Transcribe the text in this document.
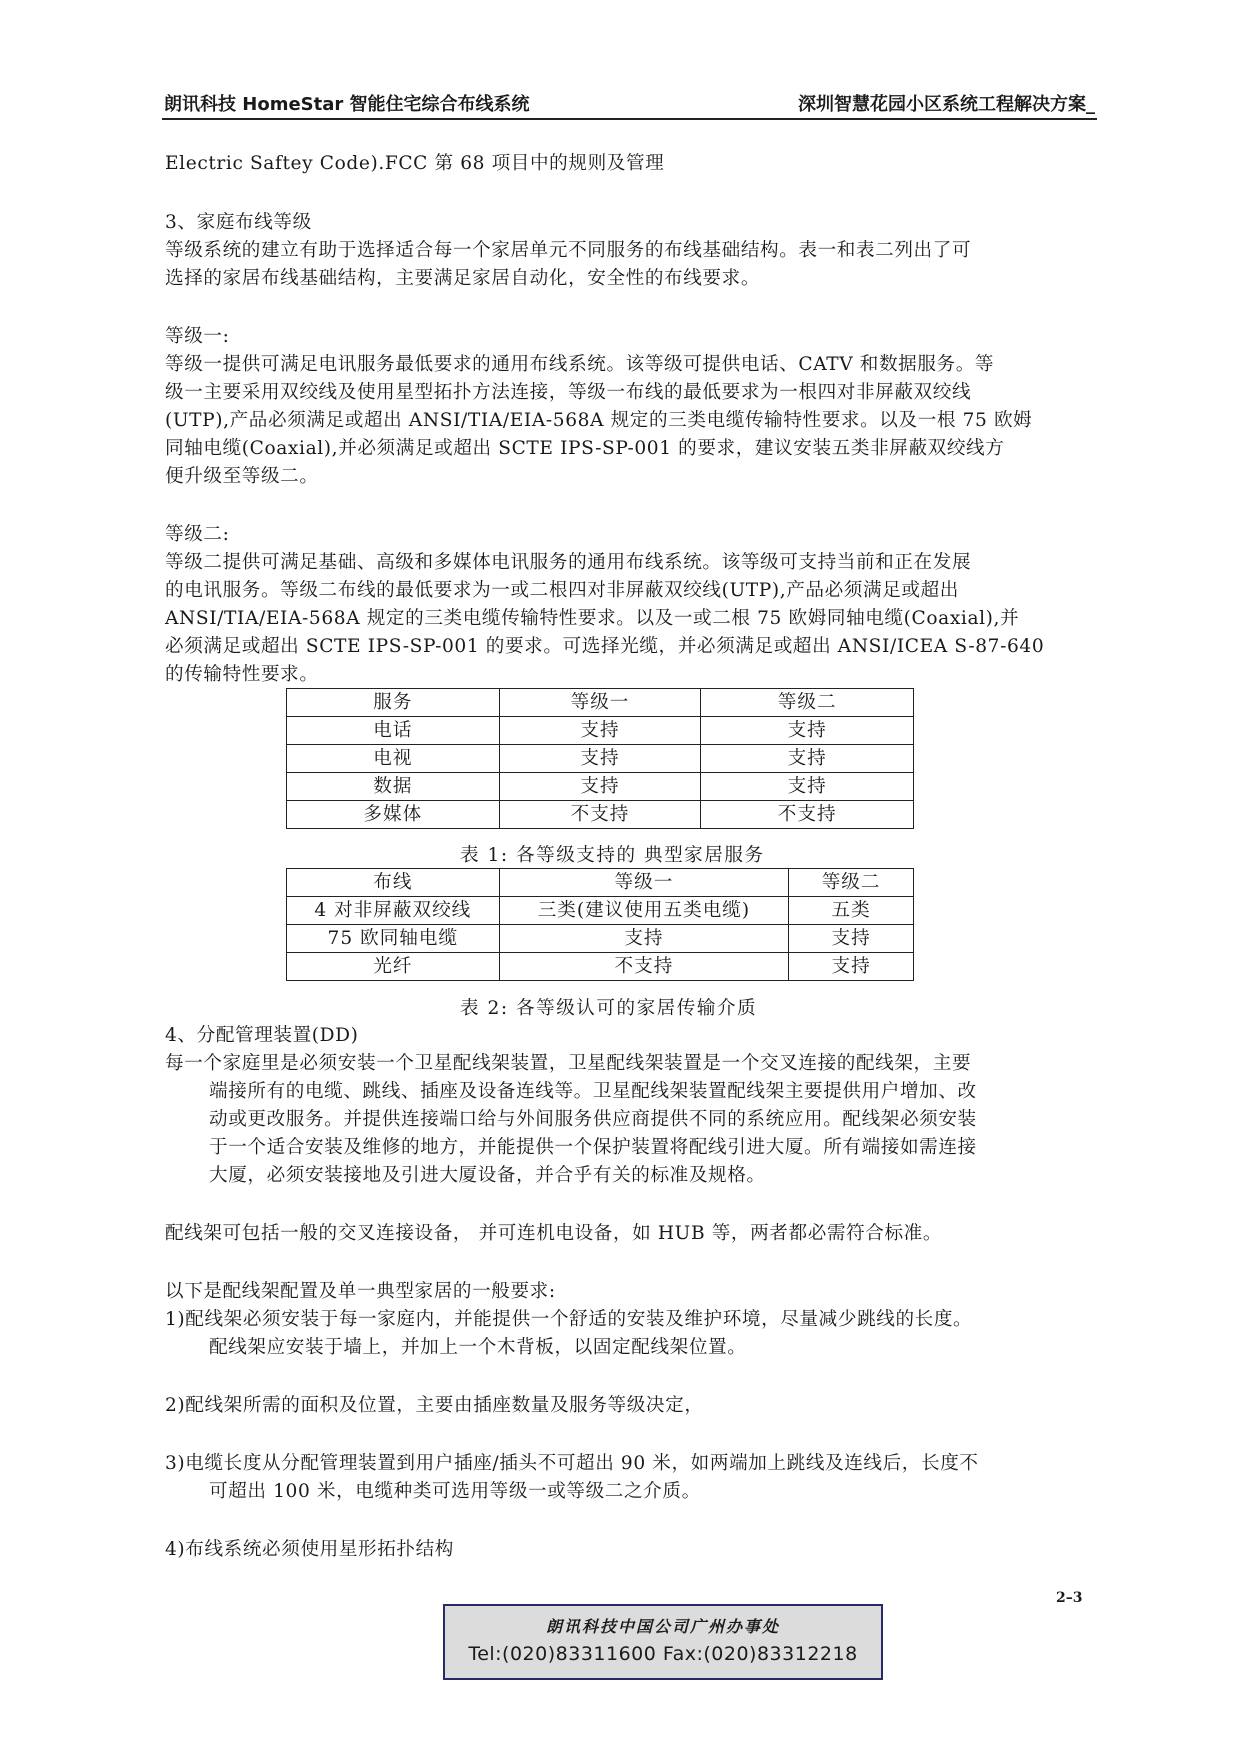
朗讯科技 HomeStar 智能住宅综合布线系统	深圳智慧花园小区系统工程解决方案_
Electric Saftey Code).FCC 第 68 项目中的规则及管理
3、家庭布线等级
等级系统的建立有助于选择适合每一个家居单元不同服务的布线基础结构。表一和表二列出了可
选择的家居布线基础结构，主要满足家居自动化，安全性的布线要求。
等级一:
等级一提供可满足电讯服务最低要求的通用布线系统。该等级可提供电话、CATV 和数据服务。等
级一主要采用双绞线及使用星型拓扑方法连接，等级一布线的最低要求为一根四对非屏蔽双绞线
(UTP),产品必须满足或超出 ANSI/TIA/EIA-568A 规定的三类电缆传输特性要求。以及一根 75 欧姆
同轴电缆(Coaxial),并必须满足或超出 SCTE IPS-SP-001 的要求，建议安装五类非屏蔽双绞线方
便升级至等级二。
等级二:
等级二提供可满足基础、高级和多媒体电讯服务的通用布线系统。该等级可支持当前和正在发展
的电讯服务。等级二布线的最低要求为一或二根四对非屏蔽双绞线(UTP),产品必须满足或超出
ANSI/TIA/EIA-568A 规定的三类电缆传输特性要求。以及一或二根 75 欧姆同轴电缆(Coaxial),并
必须满足或超出 SCTE IPS-SP-001 的要求。可选择光缆，并必须满足或超出 ANSI/ICEA S-87-640
的传输特性要求。
服务	等级一	等级二
电话	支持	支持
电视	支持	支持
数据	支持	支持
多媒体	不支持	不支持
表 1: 各等级支持的 典型家居服务
布线	等级一	等级二
4 对非屏蔽双绞线	三类(建议使用五类电缆)	五类
75 欧同轴电缆	支持	支持
光纤	不支持	支持
表 2: 各等级认可的家居传输介质
4、分配管理装置(DD)
每一个家庭里是必须安装一个卫星配线架装置，卫星配线架装置是一个交叉连接的配线架，主要
端接所有的电缆、跳线、插座及设备连线等。卫星配线架装置配线架主要提供用户增加、改
动或更改服务。并提供连接端口给与外间服务供应商提供不同的系统应用。配线架必须安装
于一个适合安装及维修的地方，并能提供一个保护装置将配线引进大厦。所有端接如需连接
大厦，必须安装接地及引进大厦设备，并合乎有关的标准及规格。
配线架可包括一般的交叉连接设备， 并可连机电设备，如 HUB 等，两者都必需符合标准。
以下是配线架配置及单一典型家居的一般要求:
1)配线架必须安装于每一家庭内，并能提供一个舒适的安装及维护环境，尽量减少跳线的长度。
配线架应安装于墙上，并加上一个木背板，以固定配线架位置。
2)配线架所需的面积及位置，主要由插座数量及服务等级决定，
3)电缆长度从分配管理装置到用户插座/插头不可超出 90 米，如两端加上跳线及连线后，长度不
可超出 100 米，电缆种类可选用等级一或等级二之介质。
4)布线系统必须使用星形拓扑结构
2–3
朗讯科技中国公司广州办事处
Tel:(020)83311600 Fax:(020)83312218
